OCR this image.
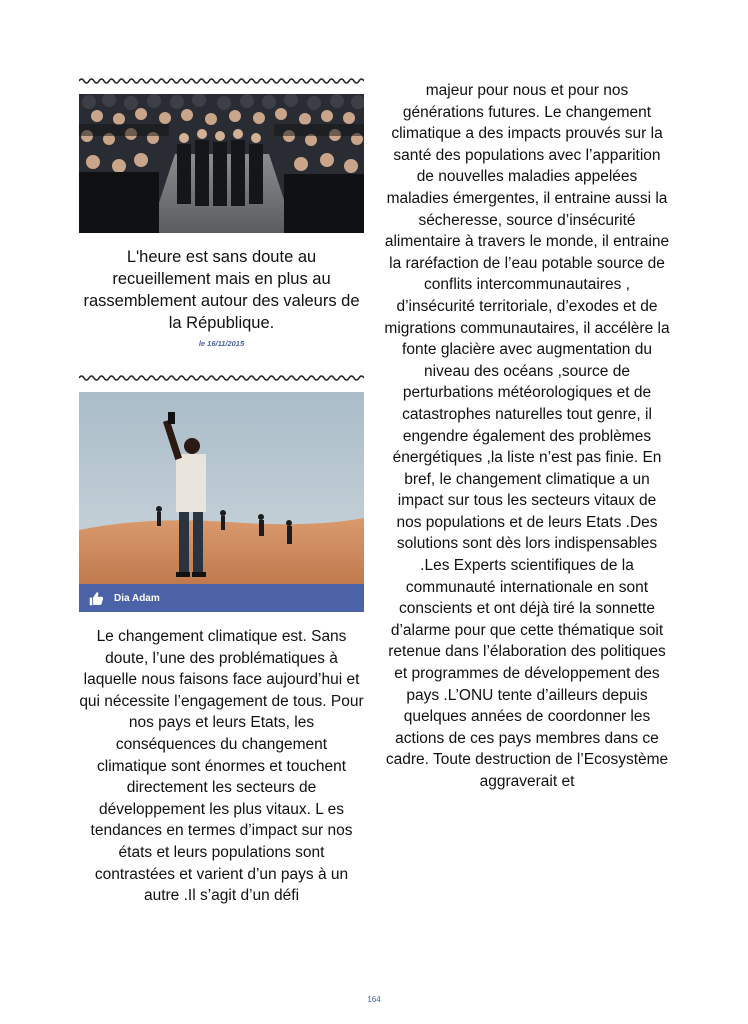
L'heure est sans doute au recueillement mais en plus au rassemblement autour des valeurs de la République.
le 16/11/2015
Dia Adam

Le changement climatique est. Sans doute, l’une des problématiques à laquelle nous faisons face aujourd’hui et qui nécessite l’engagement de tous. Pour nos pays et leurs Etats, les conséquences du changement climatique sont énormes et touchent directement les secteurs de développement les plus vitaux. L es tendances en termes d’impact sur nos états et leurs populations sont contrastées et varient d’un pays à un autre .Il s’agit d’un défi

majeur pour nous et pour nos générations futures. Le changement climatique a des impacts prouvés sur la santé des populations avec l’apparition de nouvelles maladies appelées maladies émergentes, il entraine aussi la sécheresse, source d’insécurité alimentaire à travers le monde, il entraine la raréfaction de l’eau potable source de conflits intercommunautaires , d’insécurité territoriale, d’exodes et de migrations communautaires, il accélère la fonte glacière avec augmentation du niveau des océans ,source de perturbations météorologiques et de catastrophes naturelles tout genre, il engendre également des problèmes énergétiques ,la liste n’est pas finie. En bref, le changement climatique a un impact sur tous les secteurs vitaux de nos populations et de leurs Etats .Des solutions sont dès lors indispensables .Les Experts scientifiques de la communauté internationale en sont conscients et ont déjà tiré la sonnette d’alarme pour que cette thématique soit retenue dans l’élaboration des politiques et programmes de développement des pays .L’ONU tente d’ailleurs depuis quelques années de coordonner les actions de ces pays membres dans ce cadre. Toute destruction de l’Ecosystème aggraverait et

164
